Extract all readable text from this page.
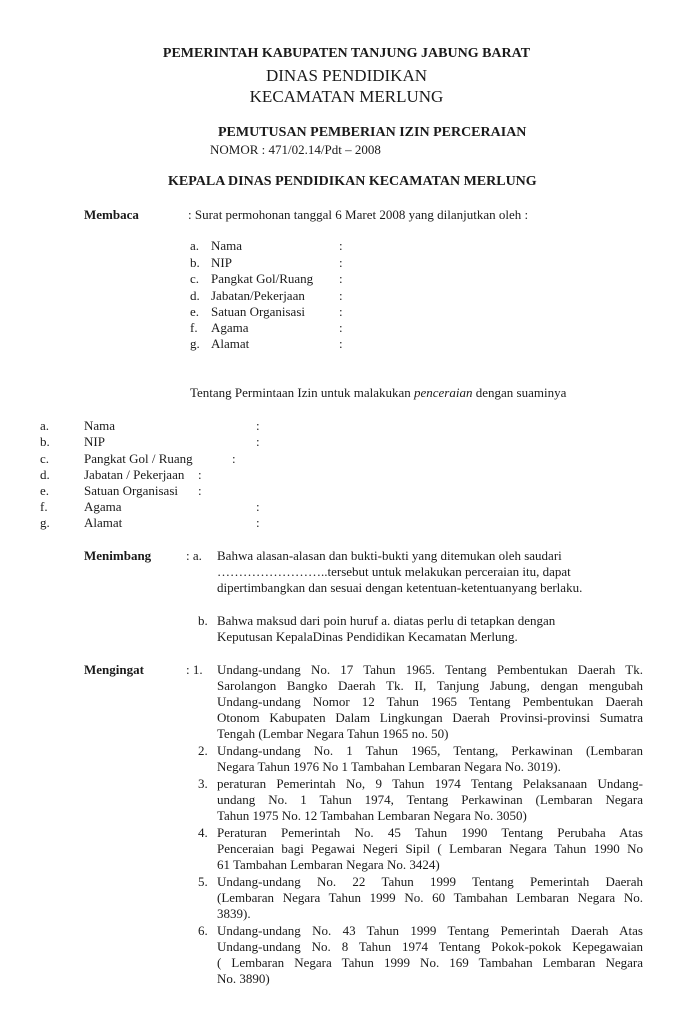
PEMERINTAH KABUPATEN TANJUNG JABUNG BARAT
DINAS PENDIDIKAN
KECAMATAN MERLUNG
PEMUTUSAN PEMBERIAN IZIN PERCERAIAN
NOMOR : 471/02.14/Pdt – 2008
KEPALA DINAS PENDIDIKAN KECAMATAN MERLUNG
Membaca	: Surat permohonan tanggal 6 Maret 2008 yang dilanjutkan oleh :
a. Nama	:
b. NIP	:
c. Pangkat Gol/Ruang :
d. Jabatan/Pekerjaan	:
e. Satuan Organisasi	:
f. Agama	:
g. Alamat	:
Tentang Permintaan Izin untuk malakukan penceraian dengan suaminya
a.	Nama	:
b.	NIP	:
c.	Pangkat Gol / Ruang	:
d.	Jabatan / Pekerjaan :
e.	Satuan Organisasi :
f.	Agama	:
g.	Alamat	:
Menimbang	: a. Bahwa alasan-alasan dan bukti-bukti yang ditemukan oleh saudari
……………………..tersebut untuk melakukan perceraian itu, dapat
dipertimbangkan dan sesuai dengan ketentuan-ketentuanyang berlaku.
b. Bahwa maksud dari poin huruf a. diatas perlu di tetapkan dengan
Keputusan KepalaDinas Pendidikan Kecamatan Merlung.
Mengingat	: 1. Undang-undang No. 17 Tahun 1965. Tentang Pembentukan Daerah Tk.
Sarolangon Bangko Daerah Tk. II, Tanjung Jabung, dengan mengubah
Undang-undang Nomor 12 Tahun 1965 Tentang Pembentukan Daerah
Otonom Kabupaten Dalam Lingkungan Daerah Provinsi-provinsi Sumatra
Tengah (Lembar Negara Tahun 1965 no. 50)
2. Undang-undang No. 1 Tahun 1965, Tentang, Perkawinan (Lembaran
Negara Tahun 1976 No 1 Tambahan Lembaran Negara No. 3019).
3. peraturan Pemerintah No, 9 Tahun 1974 Tentang Pelaksanaan Undang-
undang No. 1 Tahun 1974, Tentang Perkawinan (Lembaran Negara
Tahun 1975 No. 12 Tambahan Lembaran Negara No. 3050)
4. Peraturan Pemerintah No. 45 Tahun 1990 Tentang Perubaha Atas
Penceraian bagi Pegawai Negeri Sipil ( Lembaran Negara Tahun 1990 No
61 Tambahan Lembaran Negara No. 3424)
5. Undang-undang No. 22 Tahun 1999 Tentang Pemerintah Daerah
(Lembaran Negara Tahun 1999 No. 60 Tambahan Lembaran Negara No.
3839).
6. Undang-undang No. 43 Tahun 1999 Tentang Pemerintah Daerah Atas
Undang-undang No. 8 Tahun 1974 Tentang Pokok-pokok Kepegawaian
( Lembaran Negara Tahun 1999 No. 169 Tambahan Lembaran Negara
No. 3890)
